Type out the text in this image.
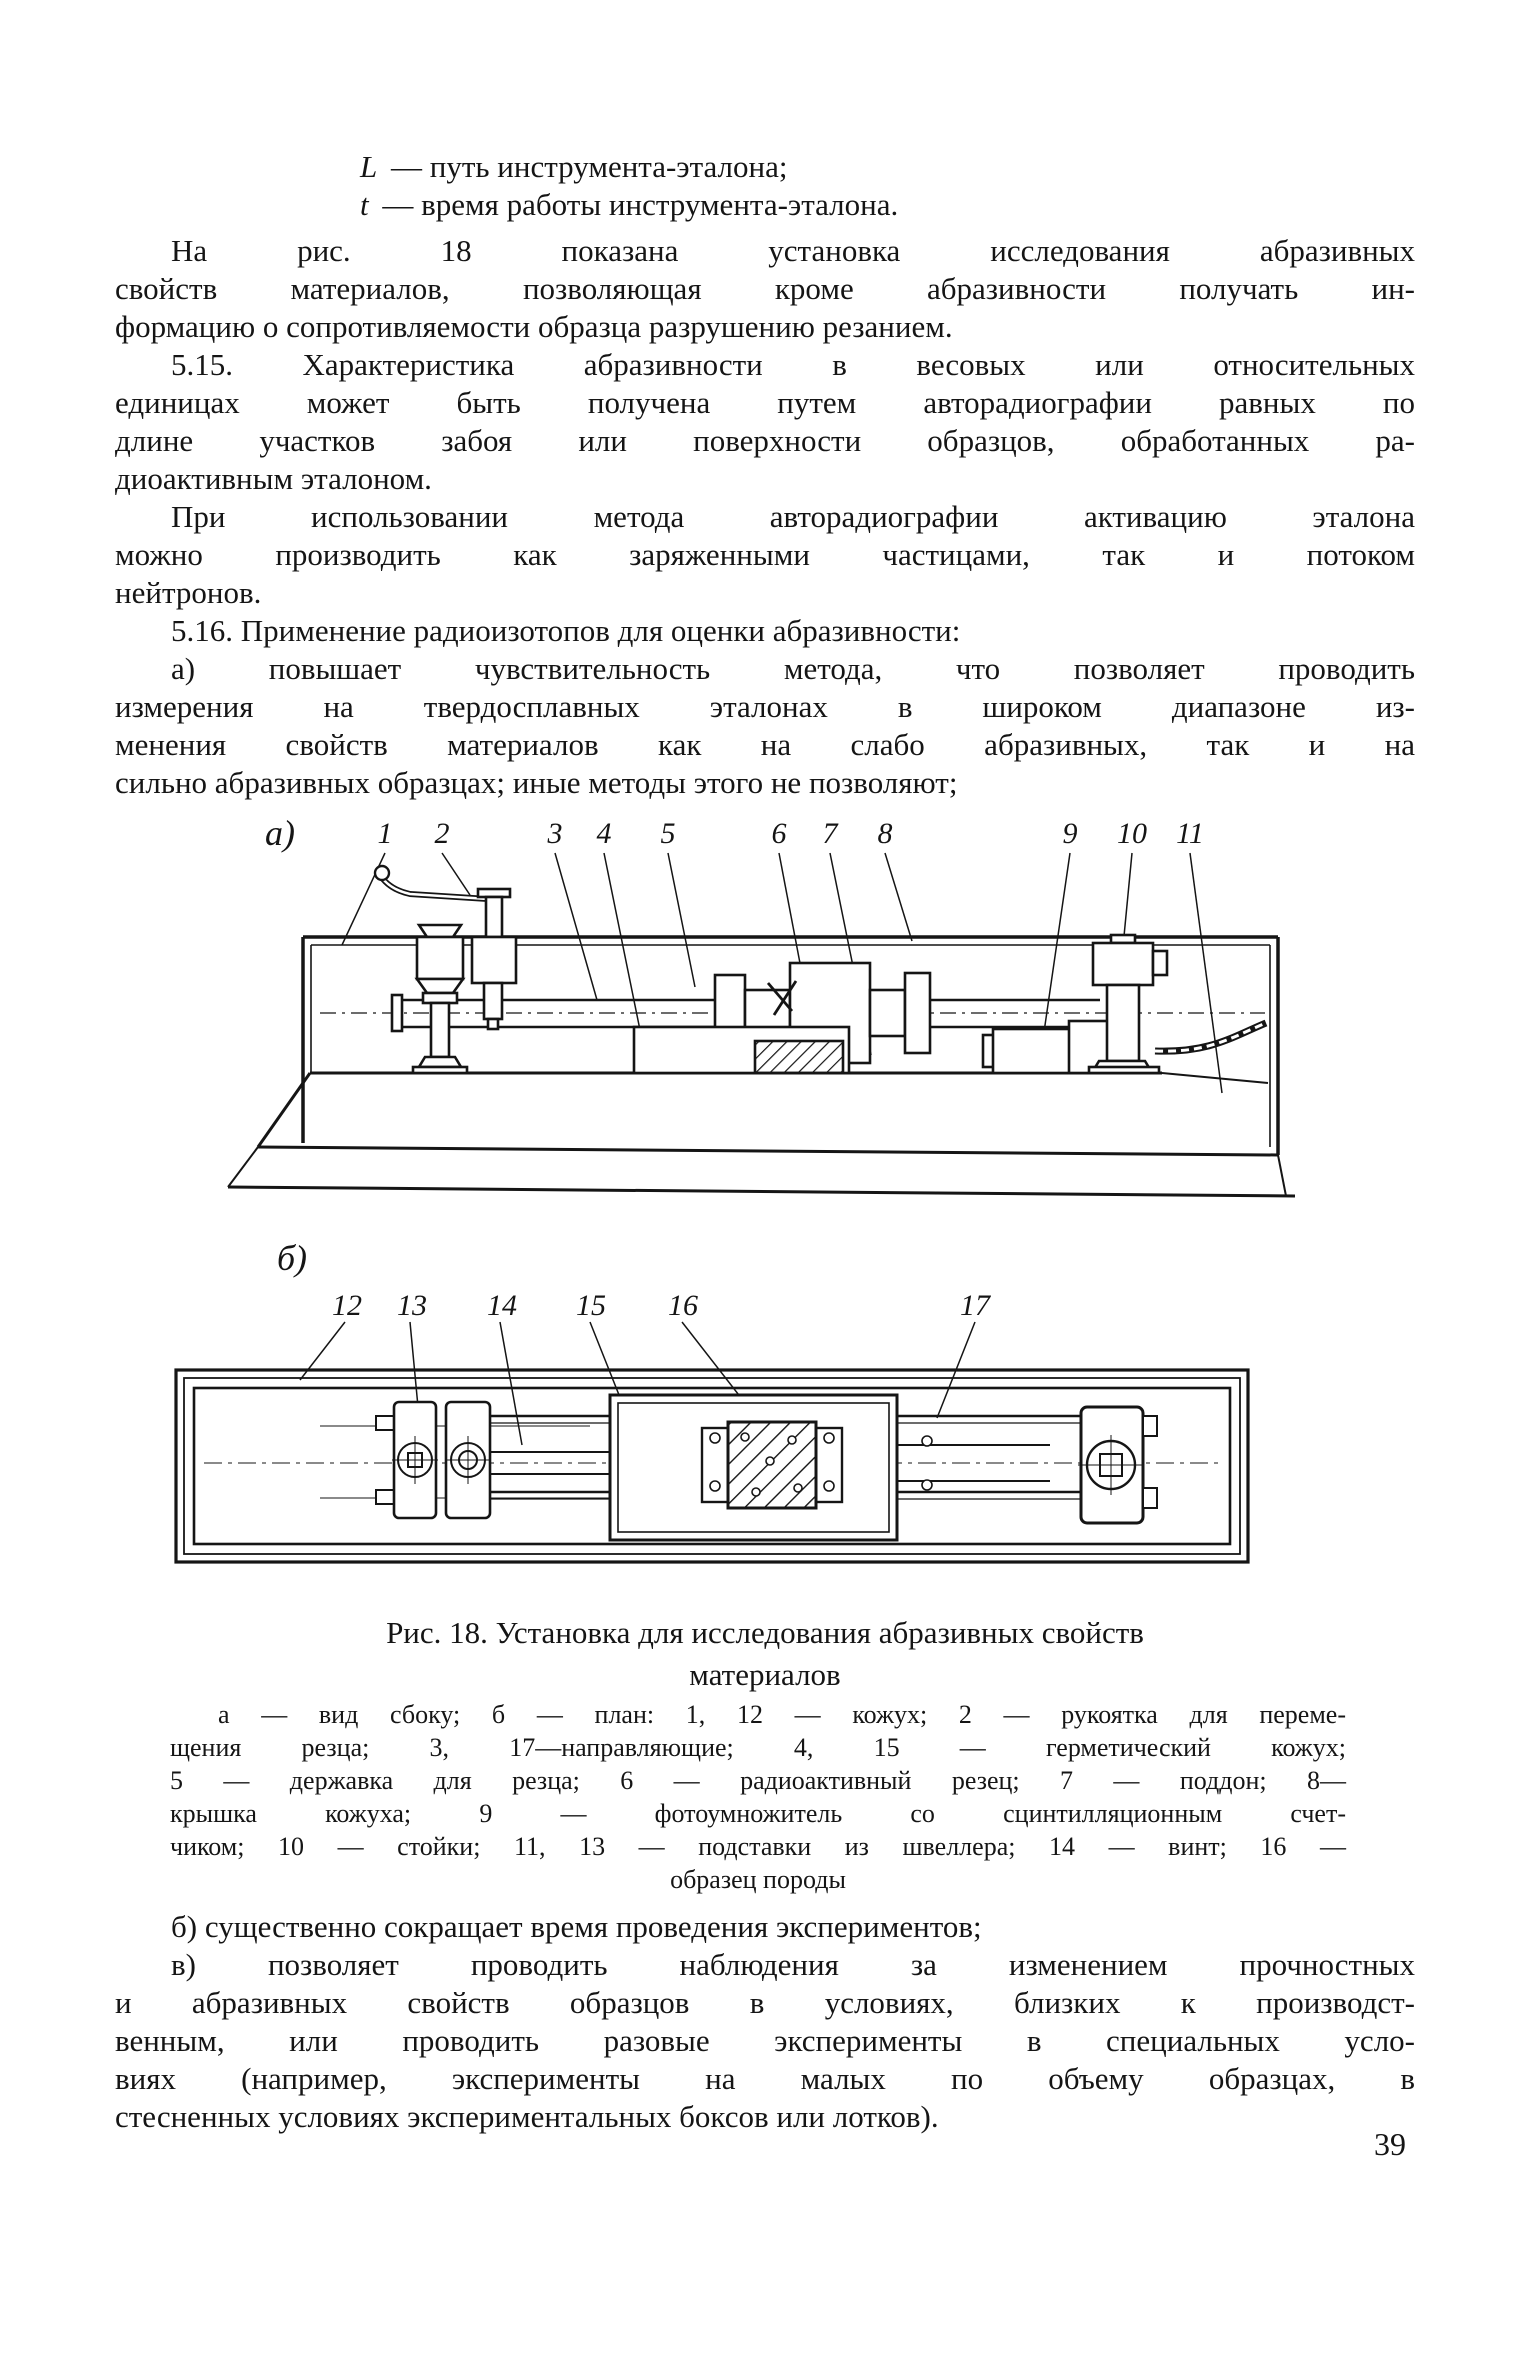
L — путь инструмента-эталона;
t — время работы инструмента-эталона.
На рис. 18 показана установка исследования абразивных
свойств материалов, позволяющая кроме абразивности получать ин-
формацию о сопротивляемости образца разрушению резанием.
5.15. Характеристика абразивности в весовых или относительных
единицах может быть получена путем авторадиографии равных по
длине участков забоя или поверхности образцов, обработанных ра-
диоактивным эталоном.
При использовании метода авторадиографии активацию эталона
можно производить как заряженными частицами, так и потоком
нейтронов.
5.16. Применение радиоизотопов для оценки абразивности:
а) повышает чувствительность метода, что позволяет проводить
измерения на твердосплавных эталонах в широком диапазоне из-
менения свойств материалов как на слабо абразивных, так и на
сильно абразивных образцах; иные методы этого не позволяют;
а)	1 2	3 4 5	6 7 8	9 10 11
б)
12 13 14 15 16	17
Рис. 18. Установка для исследования абразивных свойств
материалов
а — вид сбоку; б — план: 1, 12 — кожух; 2 — рукоятка для переме-
щения резца; 3, 17—направляющие; 4, 15 — герметический кожух;
5 — державка для резца; 6 — радиоактивный резец; 7 — поддон; 8—
крышка кожуха; 9 — фотоумножитель со сцинтилляционным счет-
чиком; 10 — стойки; 11, 13 — подставки из швеллера; 14 — винт; 16 —
образец породы
б) существенно сокращает время проведения экспериментов;
в) позволяет проводить наблюдения за изменением прочностных
и абразивных свойств образцов в условиях, близких к производст-
венным, или проводить разовые эксперименты в специальных усло-
виях (например, эксперименты на малых по объему образцах, в
стесненных условиях экспериментальных боксов или лотков).
39
